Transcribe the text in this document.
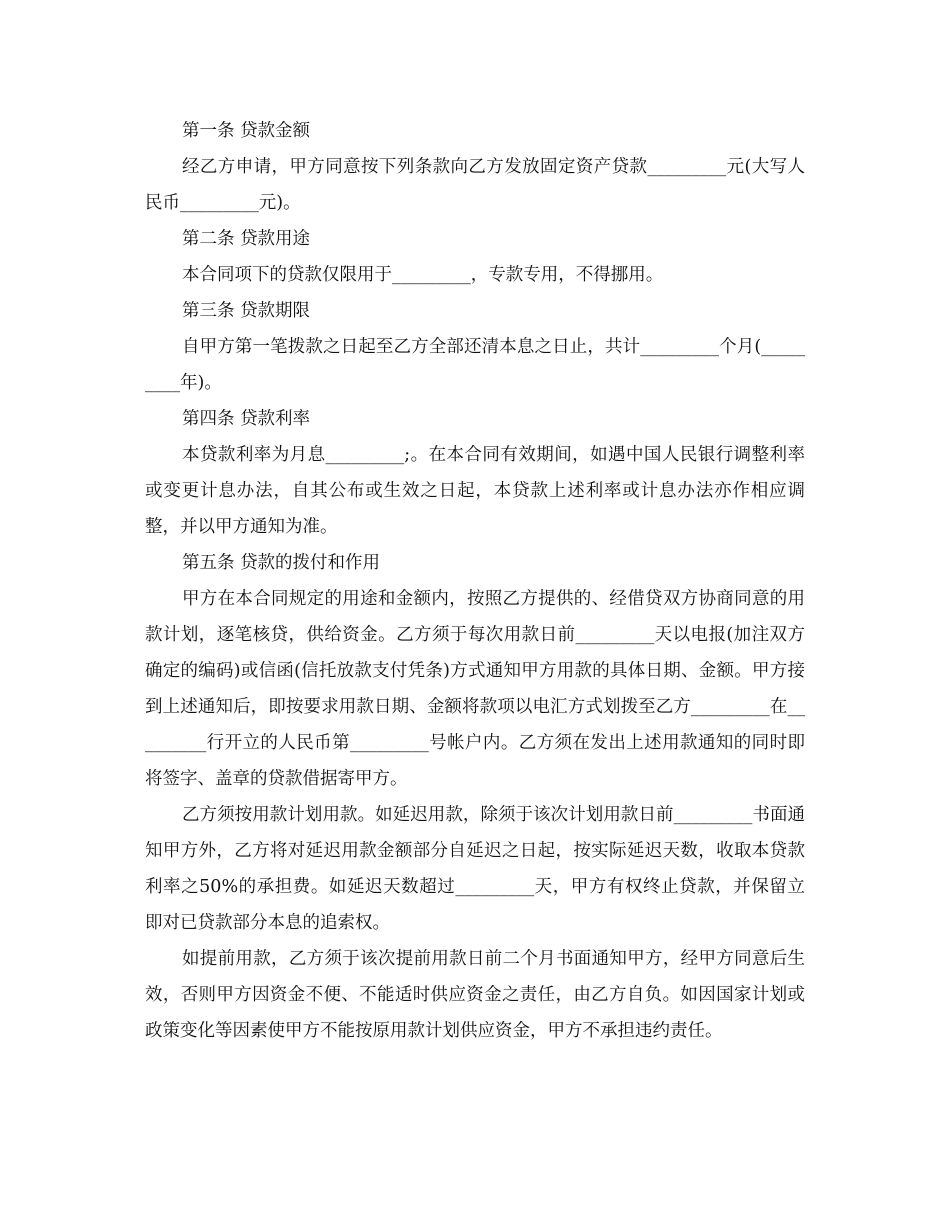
第一条 贷款金额

经乙方申请，甲方同意按下列条款向乙方发放固定资产贷款_________元(大写人民币_________元)。

第二条 贷款用途

本合同项下的贷款仅限用于_________，专款专用，不得挪用。

第三条 贷款期限

自甲方第一笔拨款之日起至乙方全部还清本息之日止，共计_________个月(_________年)。

第四条 贷款利率

本贷款利率为月息_________;。在本合同有效期间，如遇中国人民银行调整利率或变更计息办法，自其公布或生效之日起，本贷款上述利率或计息办法亦作相应调整，并以甲方通知为准。

第五条 贷款的拨付和作用

甲方在本合同规定的用途和金额内，按照乙方提供的、经借贷双方协商同意的用款计划，逐笔核贷，供给资金。乙方须于每次用款日前_________天以电报(加注双方确定的编码)或信函(信托放款支付凭条)方式通知甲方用款的具体日期、金额。甲方接到上述通知后，即按要求用款日期、金额将款项以电汇方式划拨至乙方_________在_________行开立的人民币第_________号帐户内。乙方须在发出上述用款通知的同时即将签字、盖章的贷款借据寄甲方。

乙方须按用款计划用款。如延迟用款，除须于该次计划用款日前_________书面通知甲方外，乙方将对延迟用款金额部分自延迟之日起，按实际延迟天数，收取本贷款利率之50%的承担费。如延迟天数超过_________天，甲方有权终止贷款，并保留立即对已贷款部分本息的追索权。

如提前用款，乙方须于该次提前用款日前二个月书面通知甲方，经甲方同意后生效，否则甲方因资金不便、不能适时供应资金之责任，由乙方自负。如因国家计划或政策变化等因素使甲方不能按原用款计划供应资金，甲方不承担违约责任。
